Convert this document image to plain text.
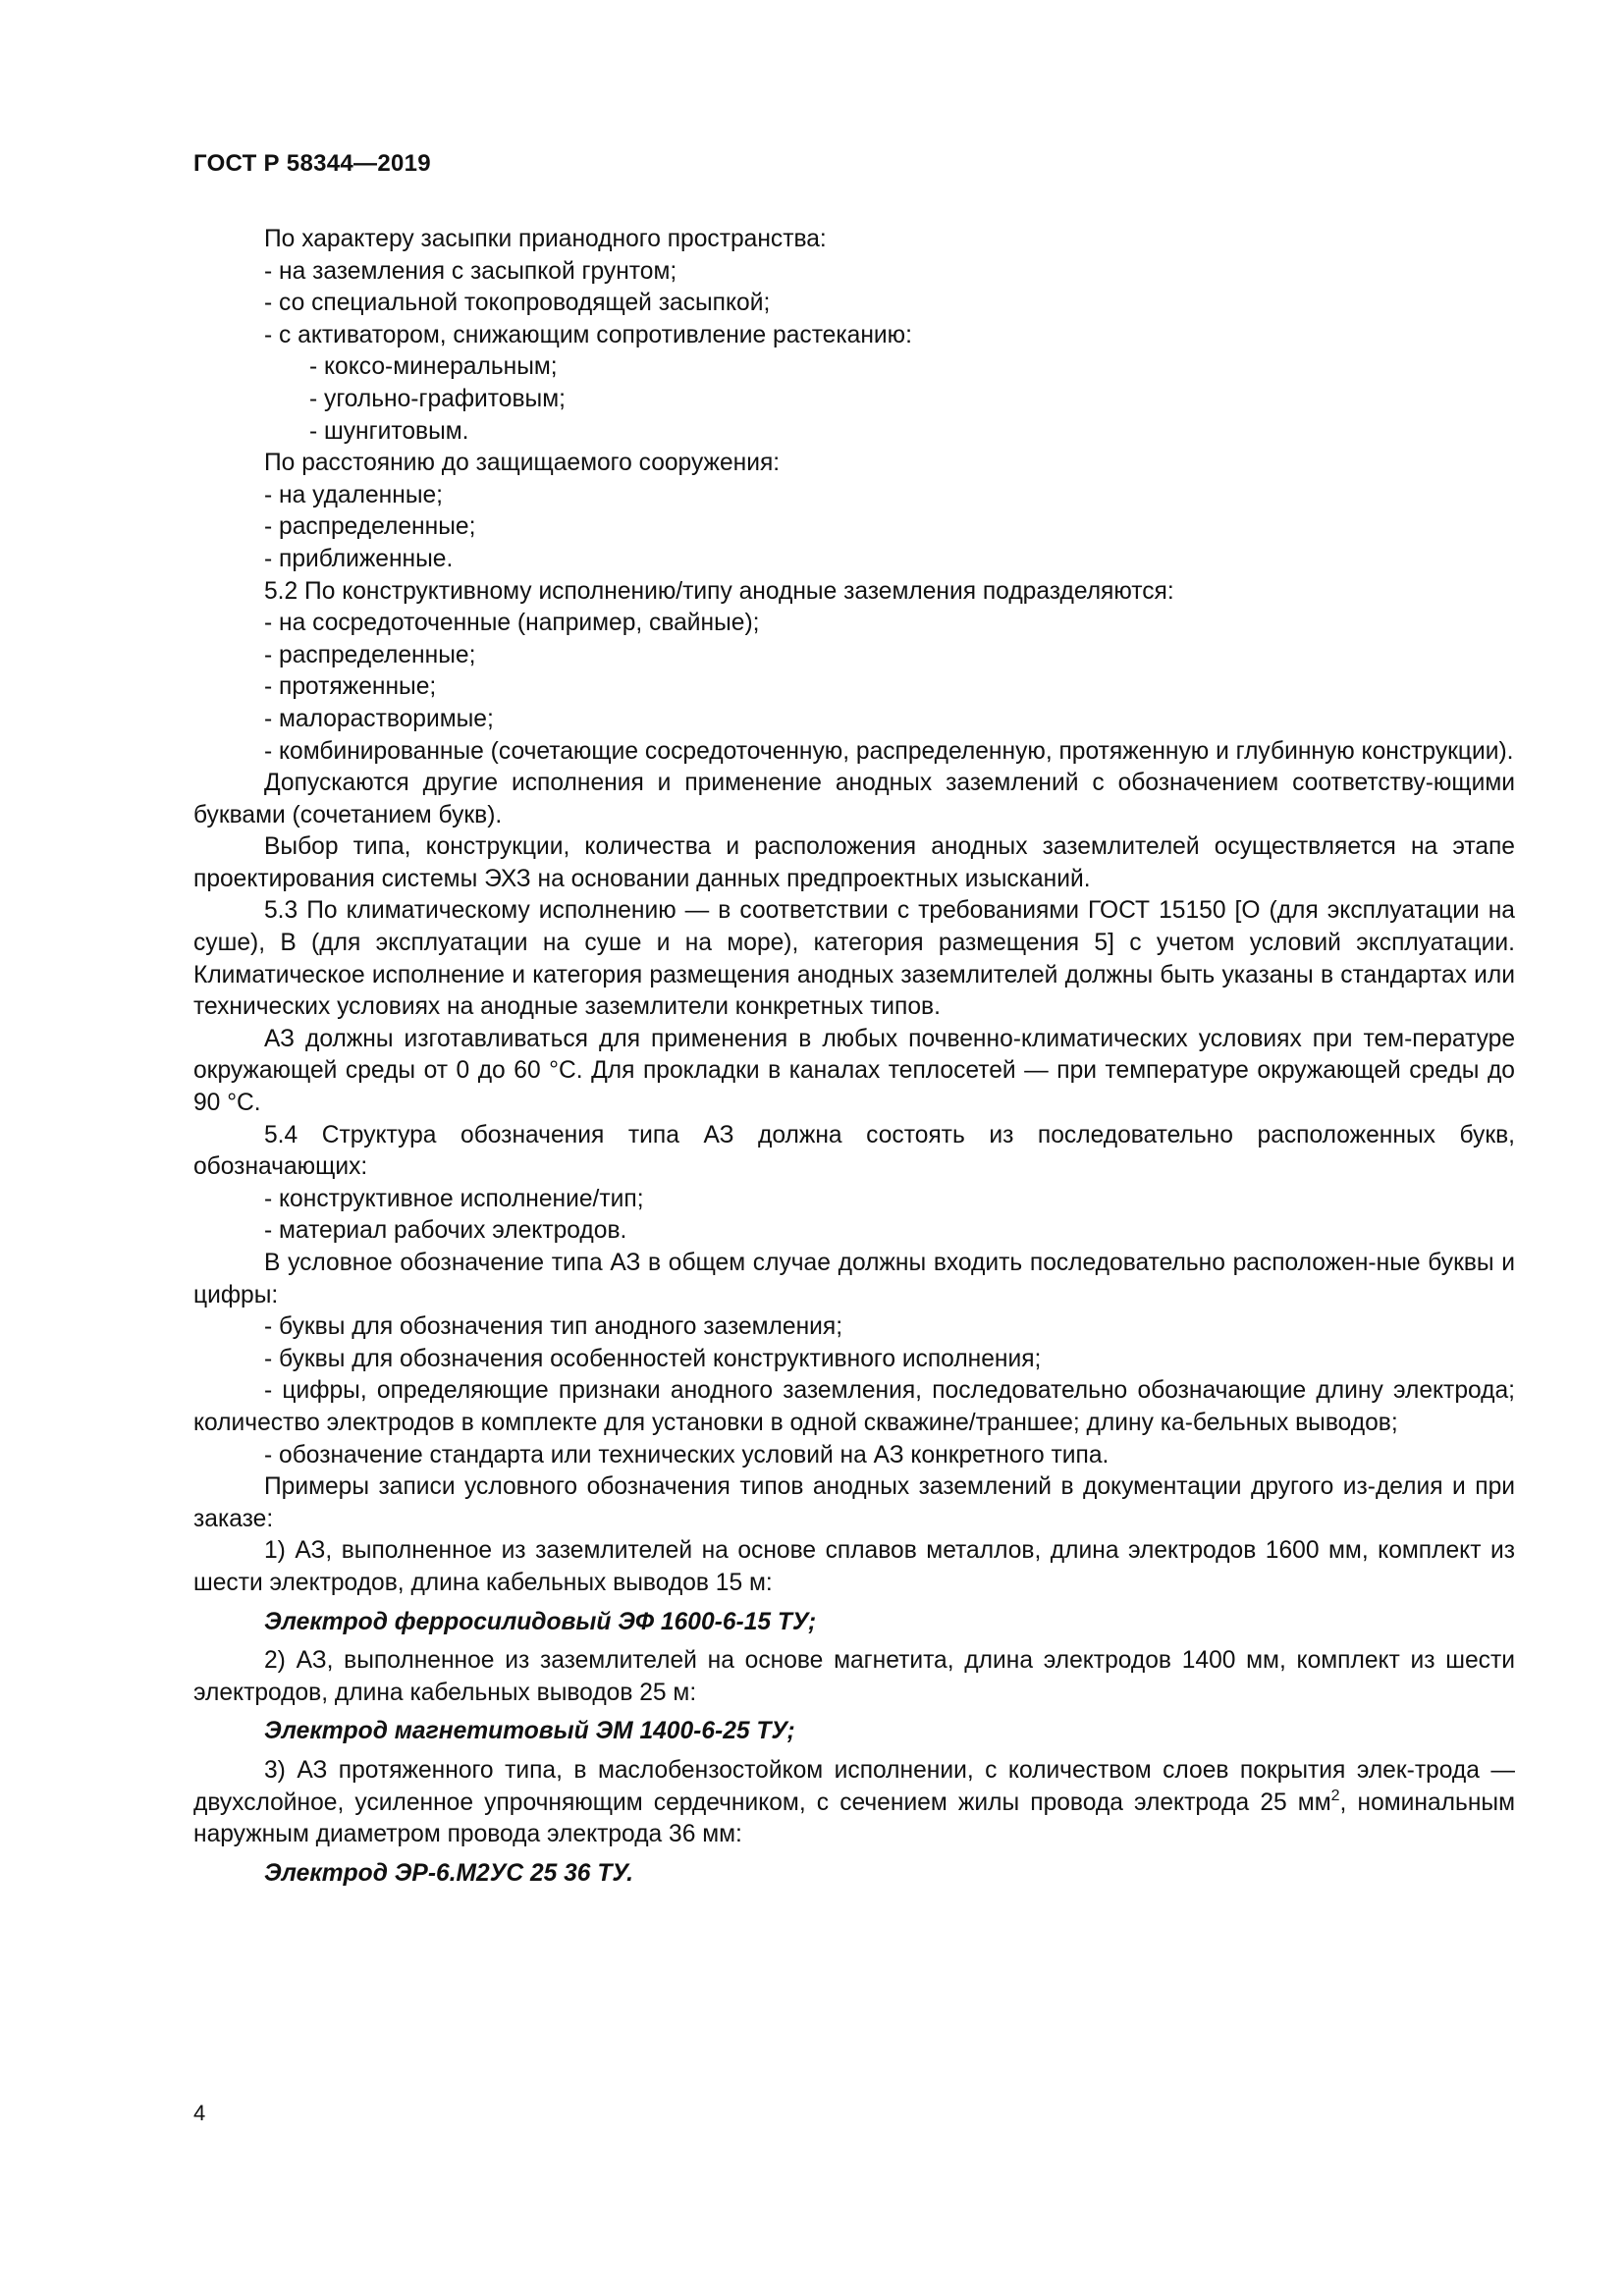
ГОСТ Р 58344—2019

По характеру засыпки прианодного пространства:

- на заземления с засыпкой грунтом;

- со специальной токопроводящей засыпкой;

- с активатором, снижающим сопротивление растеканию:

- коксо-минеральным;

- угольно-графитовым;

- шунгитовым.

По расстоянию до защищаемого сооружения:

- на удаленные;

- распределенные;

- приближенные.

5.2 По конструктивному исполнению/типу анодные заземления подразделяются:

- на сосредоточенные (например, свайные);

- распределенные;

- протяженные;

- малорастворимые;

- комбинированные (сочетающие сосредоточенную, распределенную, протяженную и глубинную конструкции).

Допускаются другие исполнения и применение анодных заземлений с обозначением соответству-ющими буквами (сочетанием букв).

Выбор типа, конструкции, количества и расположения анодных заземлителей осуществляется на этапе проектирования системы ЭХЗ на основании данных предпроектных изысканий.

5.3 По климатическому исполнению — в соответствии с требованиями ГОСТ 15150 [О (для эксплуатации на суше), В (для эксплуатации на суше и на море), категория размещения 5] с учетом условий эксплуатации. Климатическое исполнение и категория размещения анодных заземлителей должны быть указаны в стандартах или технических условиях на анодные заземлители конкретных типов.

АЗ должны изготавливаться для применения в любых почвенно-климатических условиях при тем-пературе окружающей среды от 0 до 60 °С. Для прокладки в каналах теплосетей — при температуре окружающей среды до 90 °С.

5.4 Структура обозначения типа АЗ должна состоять из последовательно расположенных букв, обозначающих:

- конструктивное исполнение/тип;

- материал рабочих электродов.

В условное обозначение типа АЗ в общем случае должны входить последовательно расположен-ные буквы и цифры:

- буквы для обозначения тип анодного заземления;

- буквы для обозначения особенностей конструктивного исполнения;

- цифры, определяющие признаки анодного заземления, последовательно обозначающие длину электрода; количество электродов в комплекте для установки в одной скважине/траншее; длину ка-бельных выводов;

- обозначение стандарта или технических условий на АЗ конкретного типа.

Примеры записи условного обозначения типов анодных заземлений в документации другого из-делия и при заказе:

1) АЗ, выполненное из заземлителей на основе сплавов металлов, длина электродов 1600 мм, комплект из шести электродов, длина кабельных выводов 15 м:

Электрод ферросилидовый ЭФ 1600-6-15 ТУ;

2) АЗ, выполненное из заземлителей на основе магнетита, длина электродов 1400 мм, комплект из шести электродов, длина кабельных выводов 25 м:

Электрод магнетитовый ЭМ 1400-6-25 ТУ;

3) АЗ протяженного типа, в маслобензостойком исполнении, с количеством слоев покрытия элек-трода — двухслойное, усиленное упрочняющим сердечником, с сечением жилы провода электрода 25 $мм^2$, номинальным наружным диаметром провода электрода 36 мм:

Электрод ЭР-6.М2УС 25 36 ТУ.

4
